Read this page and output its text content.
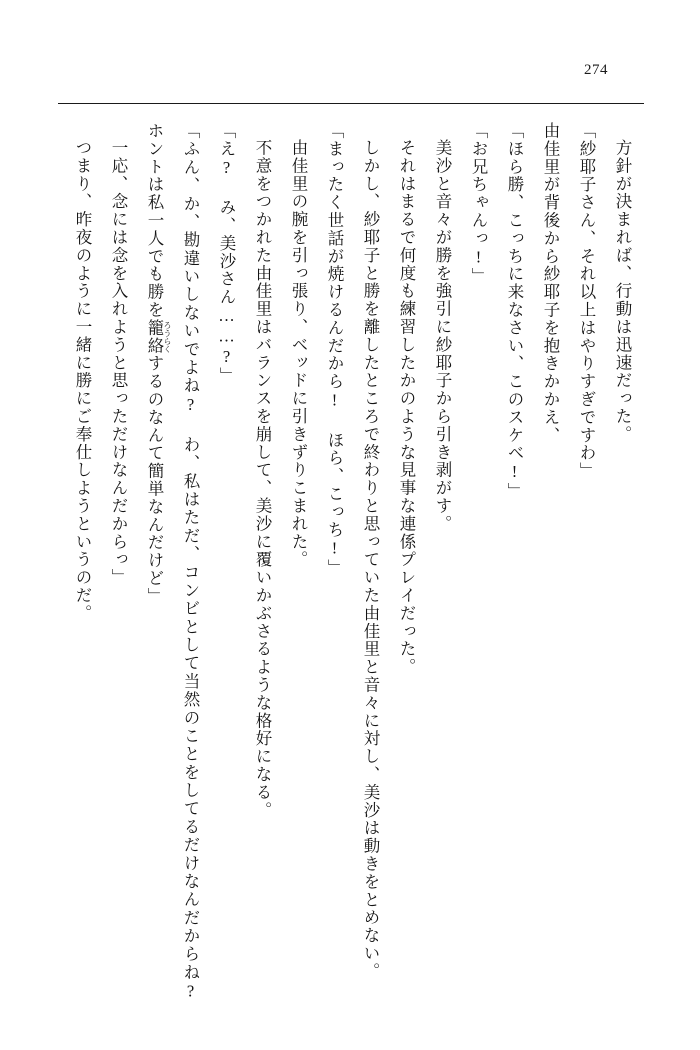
274

方針が決まれば、行動は迅速だった。

「紗耶子さん、それ以上はやりすぎですわ」

由佳里が背後から紗耶子を抱きかかえ、

「ほら勝、こっちに来なさい、このスケベ!」

「お兄ちゃんっ!」

美沙と音々が勝を強引に紗耶子から引き剥がす。

それはまるで何度も練習したかのような見事な連係プレイだった。

しかし、紗耶子と勝を離したところで終わりと思っていた由佳里と音々に対し、美沙は動きをとめない。

「まったく世話が焼けるんだから! ほら、こっち!」

由佳里の腕を引っ張り、ベッドに引きずりこまれた。

不意をつかれた由佳里はバランスを崩して、美沙に覆いかぶさるような格好になる。

「え? み、美沙さん……?」

「ふん、か、勘違いしないでよね? わ、私はただ、コンビとして当然のことをしてるだけなんだからね? ホントは私一人でも勝を籠絡 ろうらくするのなんて簡単なんだけど」

一応、念には念を入れようと思っただけなんだからっ」

つまり、昨夜のように一緒に勝にご奉仕しようというのだ。
